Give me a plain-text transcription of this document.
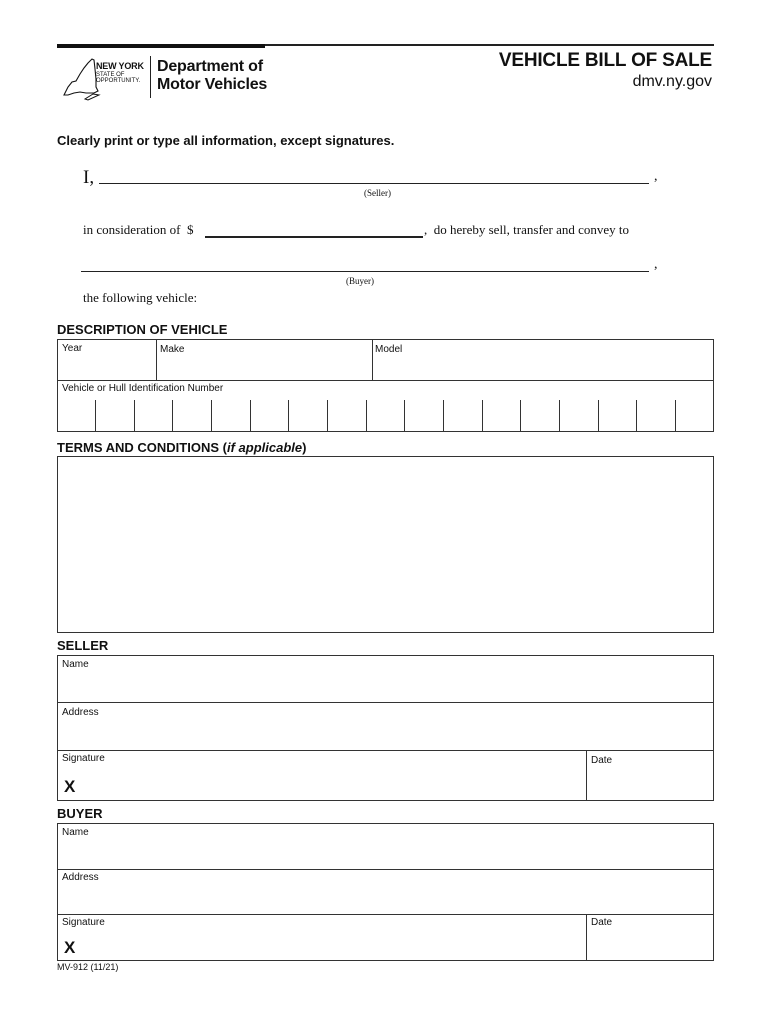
NEW YORK
STATE OF
OPPORTUNITY.
Department of
Motor Vehicles
VEHICLE BILL OF SALE
dmv.ny.gov
Clearly print or type all information, except signatures.
I,	,
(Seller)
in consideration of  $	,  do hereby sell, transfer and convey to
,
(Buyer)
the following vehicle:
DESCRIPTION OF VEHICLE
Year	Make	Model
Vehicle or Hull Identification Number
TERMS AND CONDITIONS (if applicable)
SELLER
Name
Address
Signature
X
Date
BUYER
Name
Address
Signature
X
Date
MV-912 (11/21)
